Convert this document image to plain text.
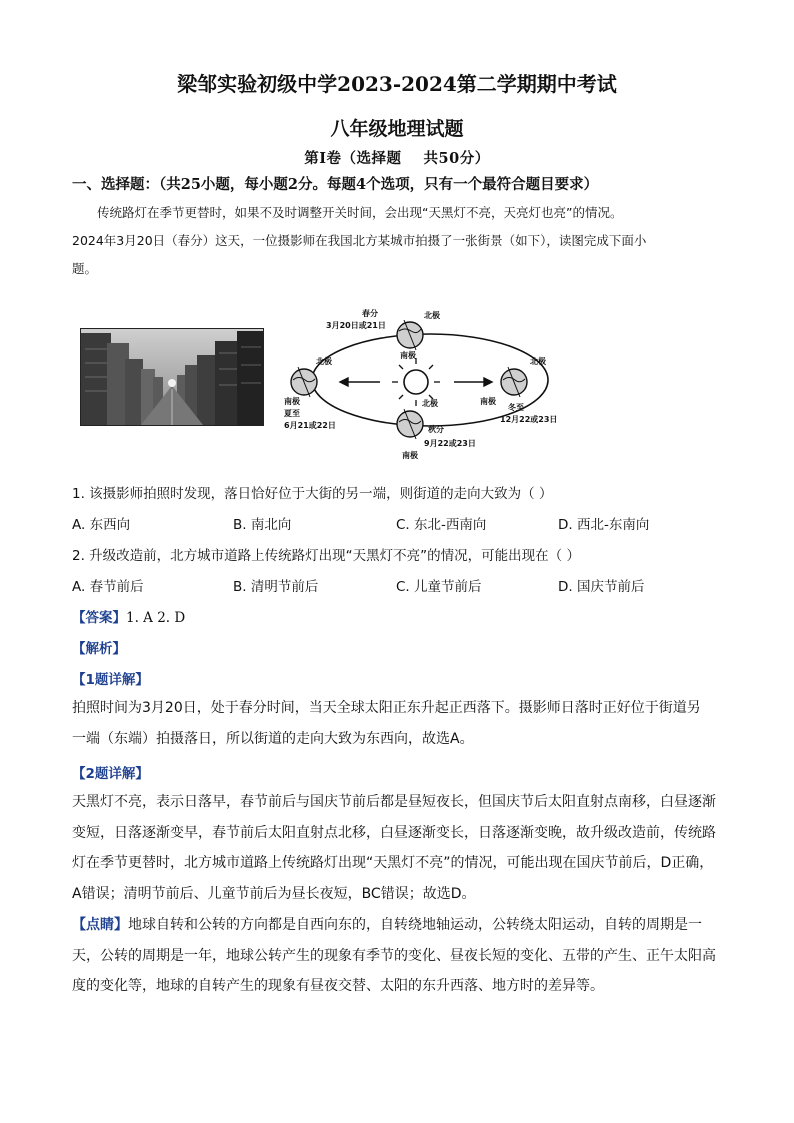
梁邹实验初级中学2023-2024第二学期期中考试
八年级地理试题
第Ⅰ卷（选择题 共50分）
一、选择题：（共25小题，每小题2分。每题4个选项，只有一个最符合题目要求）

传统路灯在季节更替时，如果不及时调整开关时间，会出现“天黑灯不亮，天亮灯也亮”的情况。

2024年3月20日（春分）这天，一位摄影师在我国北方某城市拍摄了一张街景（如下），读图完成下面小

题。

春分
3月20日或21日
北极
南极
北极
南极
夏至
6月21或22日
北极
南极
冬至
12月22或23日
北极
秋分
9月22或23日
南极
1. 该摄影师拍照时发现，落日恰好位于大街的另一端，则街道的走向大致为（ ）
A. 东西向	B. 南北向	C. 东北-西南向	D. 西北-东南向
2. 升级改造前，北方城市道路上传统路灯出现“天黑灯不亮”的情况，可能出现在（ ）
A. 春节前后	B. 清明节前后	C. 儿童节前后	D. 国庆节前后
【答案】1. A 2. D
【解析】
【1题详解】

拍照时间为3月20日，处于春分时间，当天全球太阳正东升起正西落下。摄影师日落时正好位于街道另

一端（东端）拍摄落日，所以街道的走向大致为东西向，故选A。

【2题详解】

天黑灯不亮，表示日落早，春节前后与国庆节前后都是昼短夜长，但国庆节后太阳直射点南移，白昼逐渐

变短，日落逐渐变早，春节前后太阳直射点北移，白昼逐渐变长，日落逐渐变晚，故升级改造前，传统路

灯在季节更替时，北方城市道路上传统路灯出现“天黑灯不亮”的情况，可能出现在国庆节前后，D正确，

A错误；清明节前后、儿童节前后为昼长夜短，BC错误；故选D。

【点睛】地球自转和公转的方向都是自西向东的，自转绕地轴运动，公转绕太阳运动，自转的周期是一

天，公转的周期是一年，地球公转产生的现象有季节的变化、昼夜长短的变化、五带的产生、正午太阳高

度的变化等，地球的自转产生的现象有昼夜交替、太阳的东升西落、地方时的差异等。
